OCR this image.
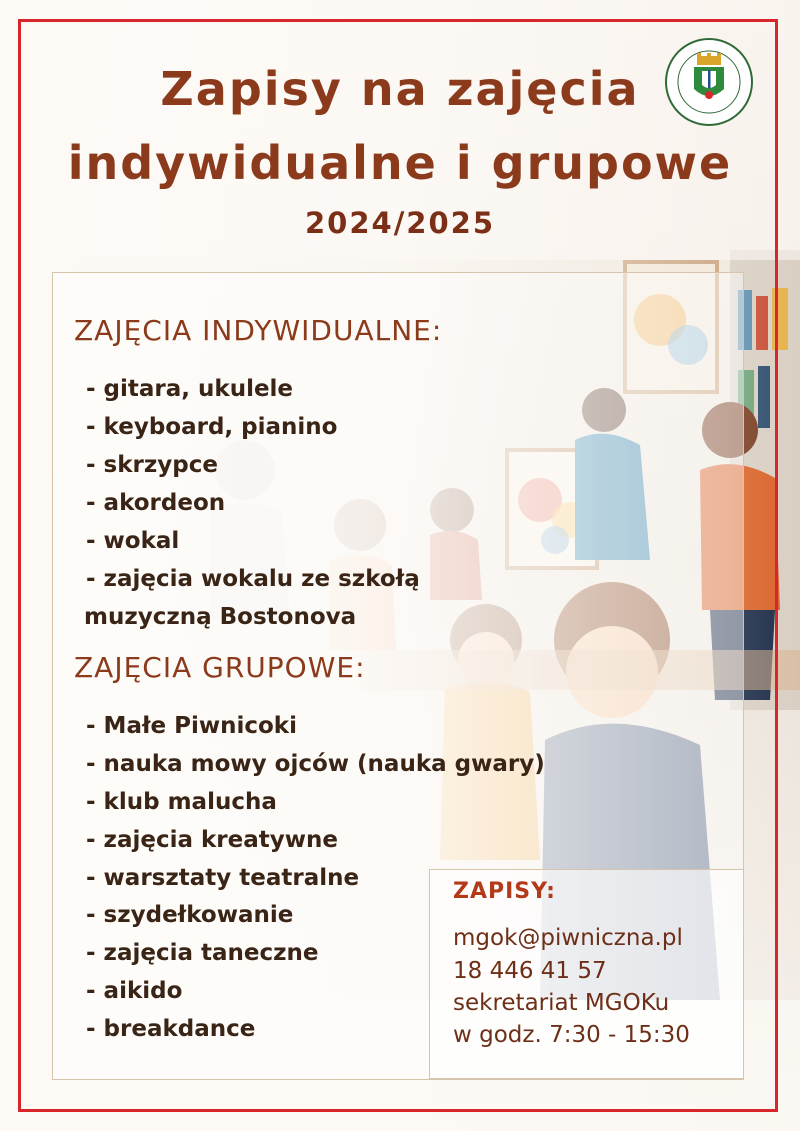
Zapisy na zajęcia
indywidualne i grupowe
2024/2025
ZAJĘCIA INDYWIDUALNE:
- gitara, ukulele
- keyboard, pianino
- skrzypce
- akordeon
- wokal
- zajęcia wokalu ze szkołą
muzyczną Bostonova
ZAJĘCIA GRUPOWE:
- Małe Piwnicoki
- nauka mowy ojców (nauka gwary)
- klub malucha
- zajęcia kreatywne
- warsztaty teatralne
- szydełkowanie
- zajęcia taneczne
- aikido
- breakdance
ZAPISY:
mgok@piwniczna.pl
18 446 41 57
sekretariat MGOKu
w godz. 7:30 - 15:30
